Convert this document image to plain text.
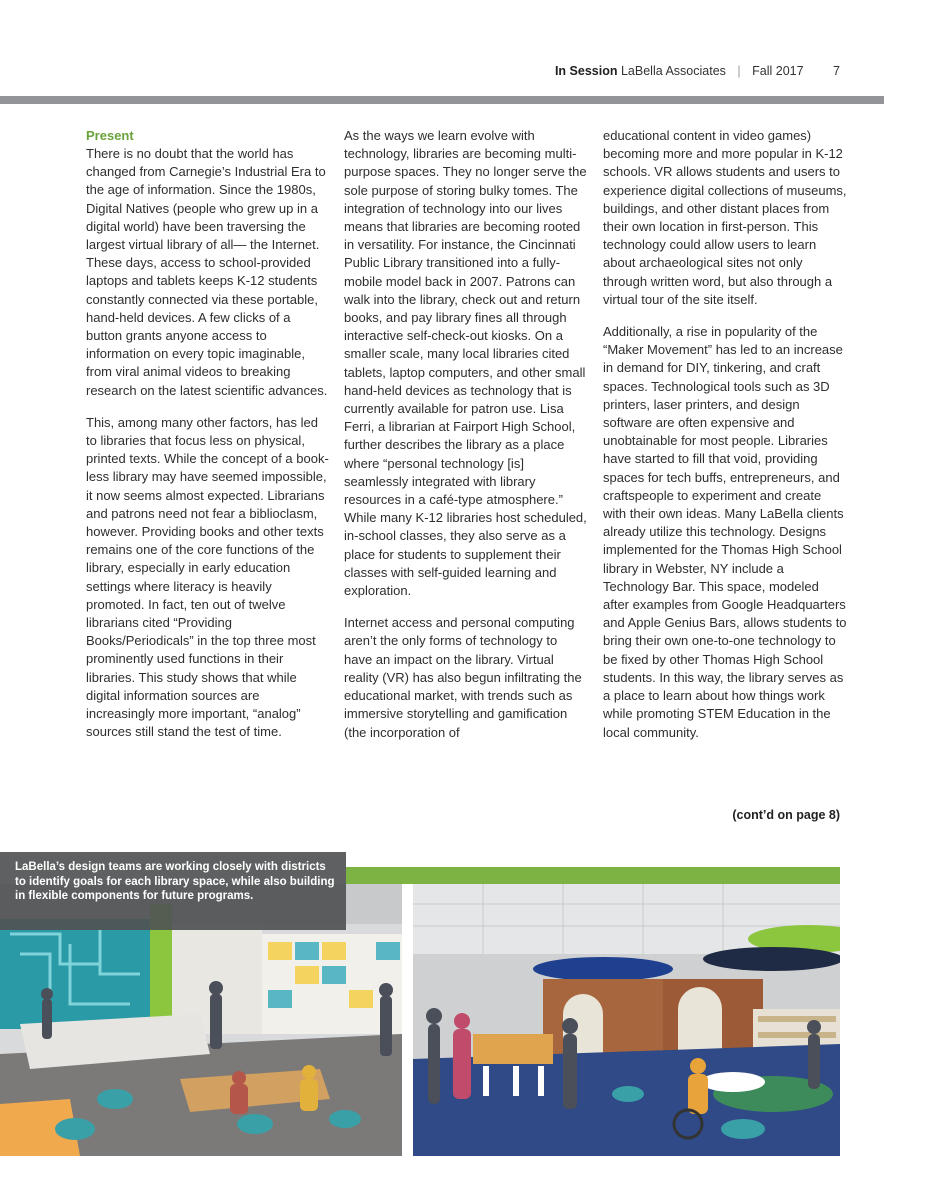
In Session LaBella Associates | Fall 2017 7
Present

There is no doubt that the world has changed from Carnegie’s Industrial Era to the age of information. Since the 1980s, Digital Natives (people who grew up in a digital world) have been traversing the largest virtual library of all— the Internet. These days, access to school-provided laptops and tablets keeps K-12 students constantly connected via these portable, hand-held devices. A few clicks of a button grants anyone access to information on every topic imaginable, from viral animal videos to breaking research on the latest scientific advances.

This, among many other factors, has led to libraries that focus less on physical, printed texts. While the concept of a book-less library may have seemed impossible, it now seems almost expected. Librarians and patrons need not fear a biblioclasm, however. Providing books and other texts remains one of the core functions of the library, especially in early education settings where literacy is heavily promoted. In fact, ten out of twelve librarians cited “Providing Books/Periodicals” in the top three most prominently used functions in their libraries. This study shows that while digital information sources are increasingly more important, “analog” sources still stand the test of time.

As the ways we learn evolve with technology, libraries are becoming multi-purpose spaces. They no longer serve the sole purpose of storing bulky tomes. The integration of technology into our lives means that libraries are becoming rooted in versatility. For instance, the Cincinnati Public Library transitioned into a fully-mobile model back in 2007. Patrons can walk into the library, check out and return books, and pay library fines all through interactive self-check-out kiosks. On a smaller scale, many local libraries cited tablets, laptop computers, and other small hand-held devices as technology that is currently available for patron use. Lisa Ferri, a librarian at Fairport High School, further describes the library as a place where “personal technology [is] seamlessly integrated with library resources in a café-type atmosphere.” While many K-12 libraries host scheduled, in-school classes, they also serve as a place for students to supplement their classes with self-guided learning and exploration.

Internet access and personal computing aren’t the only forms of technology to have an impact on the library. Virtual reality (VR) has also begun infiltrating the educational market, with trends such as immersive storytelling and gamification (the incorporation of

educational content in video games) becoming more and more popular in K-12 schools. VR allows students and users to experience digital collections of museums, buildings, and other distant places from their own location in first-person. This technology could allow users to learn about archaeological sites not only through written word, but also through a virtual tour of the site itself.

Additionally, a rise in popularity of the “Maker Movement” has led to an increase in demand for DIY, tinkering, and craft spaces. Technological tools such as 3D printers, laser printers, and design software are often expensive and unobtainable for most people. Libraries have started to fill that void, providing spaces for tech buffs, entrepreneurs, and craftspeople to experiment and create with their own ideas. Many LaBella clients already utilize this technology. Designs implemented for the Thomas High School library in Webster, NY include a Technology Bar. This space, modeled after examples from Google Headquarters and Apple Genius Bars, allows students to bring their own one-to-one technology to be fixed by other Thomas High School students. In this way, the library serves as a place to learn about how things work while promoting STEM Education in the local community.

(cont’d on page 8)
LaBella’s design teams are working closely with districts to identify goals for each library space, while also building in flexible components for future programs.
